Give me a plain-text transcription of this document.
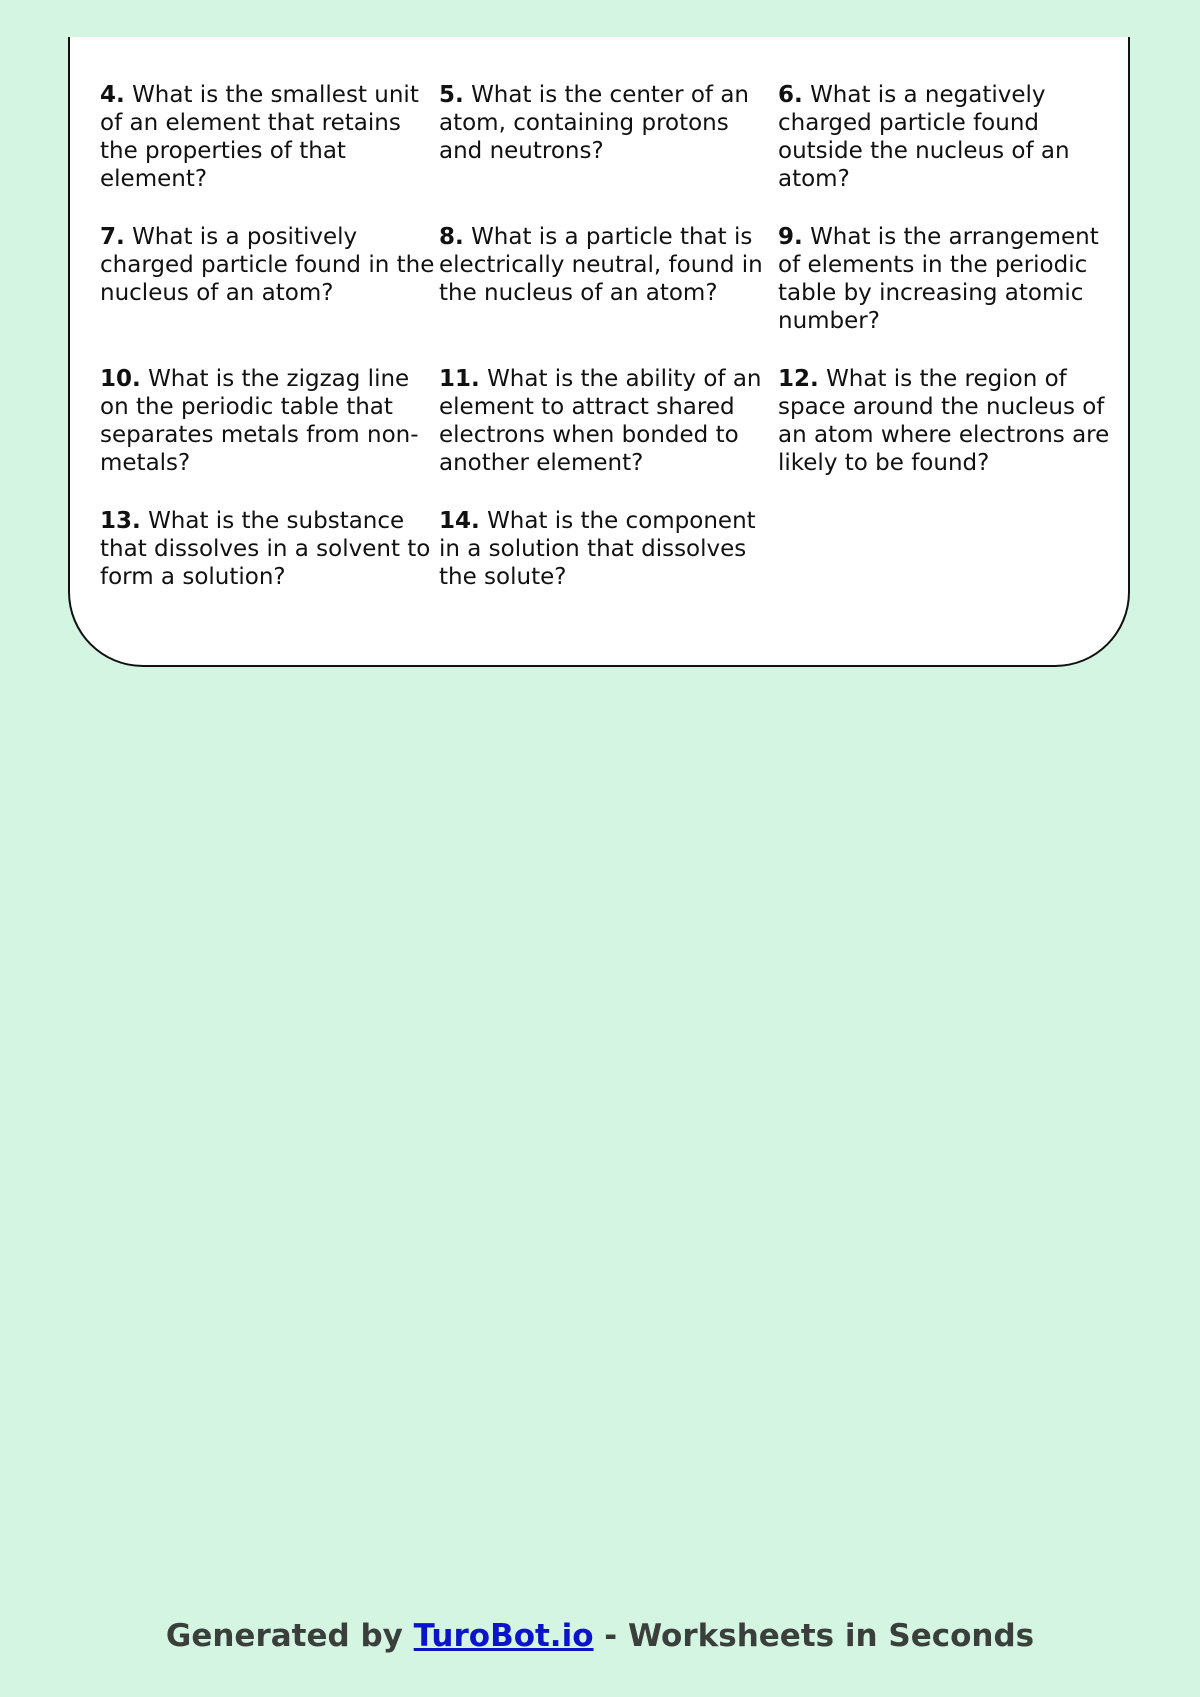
4. What is the smallest unit of an element that retains the properties of that element?
5. What is the center of an atom, containing protons and neutrons?
6. What is a negatively charged particle found outside the nucleus of an atom?
7. What is a positively charged particle found in the nucleus of an atom?
8. What is a particle that is electrically neutral, found in the nucleus of an atom?
9. What is the arrangement of elements in the periodic table by increasing atomic number?
10. What is the zigzag line on the periodic table that separates metals from non-metals?
11. What is the ability of an element to attract shared electrons when bonded to another element?
12. What is the region of space around the nucleus of an atom where electrons are likely to be found?
13. What is the substance that dissolves in a solvent to form a solution?
14. What is the component in a solution that dissolves the solute?
Generated by TuroBot.io - Worksheets in Seconds
